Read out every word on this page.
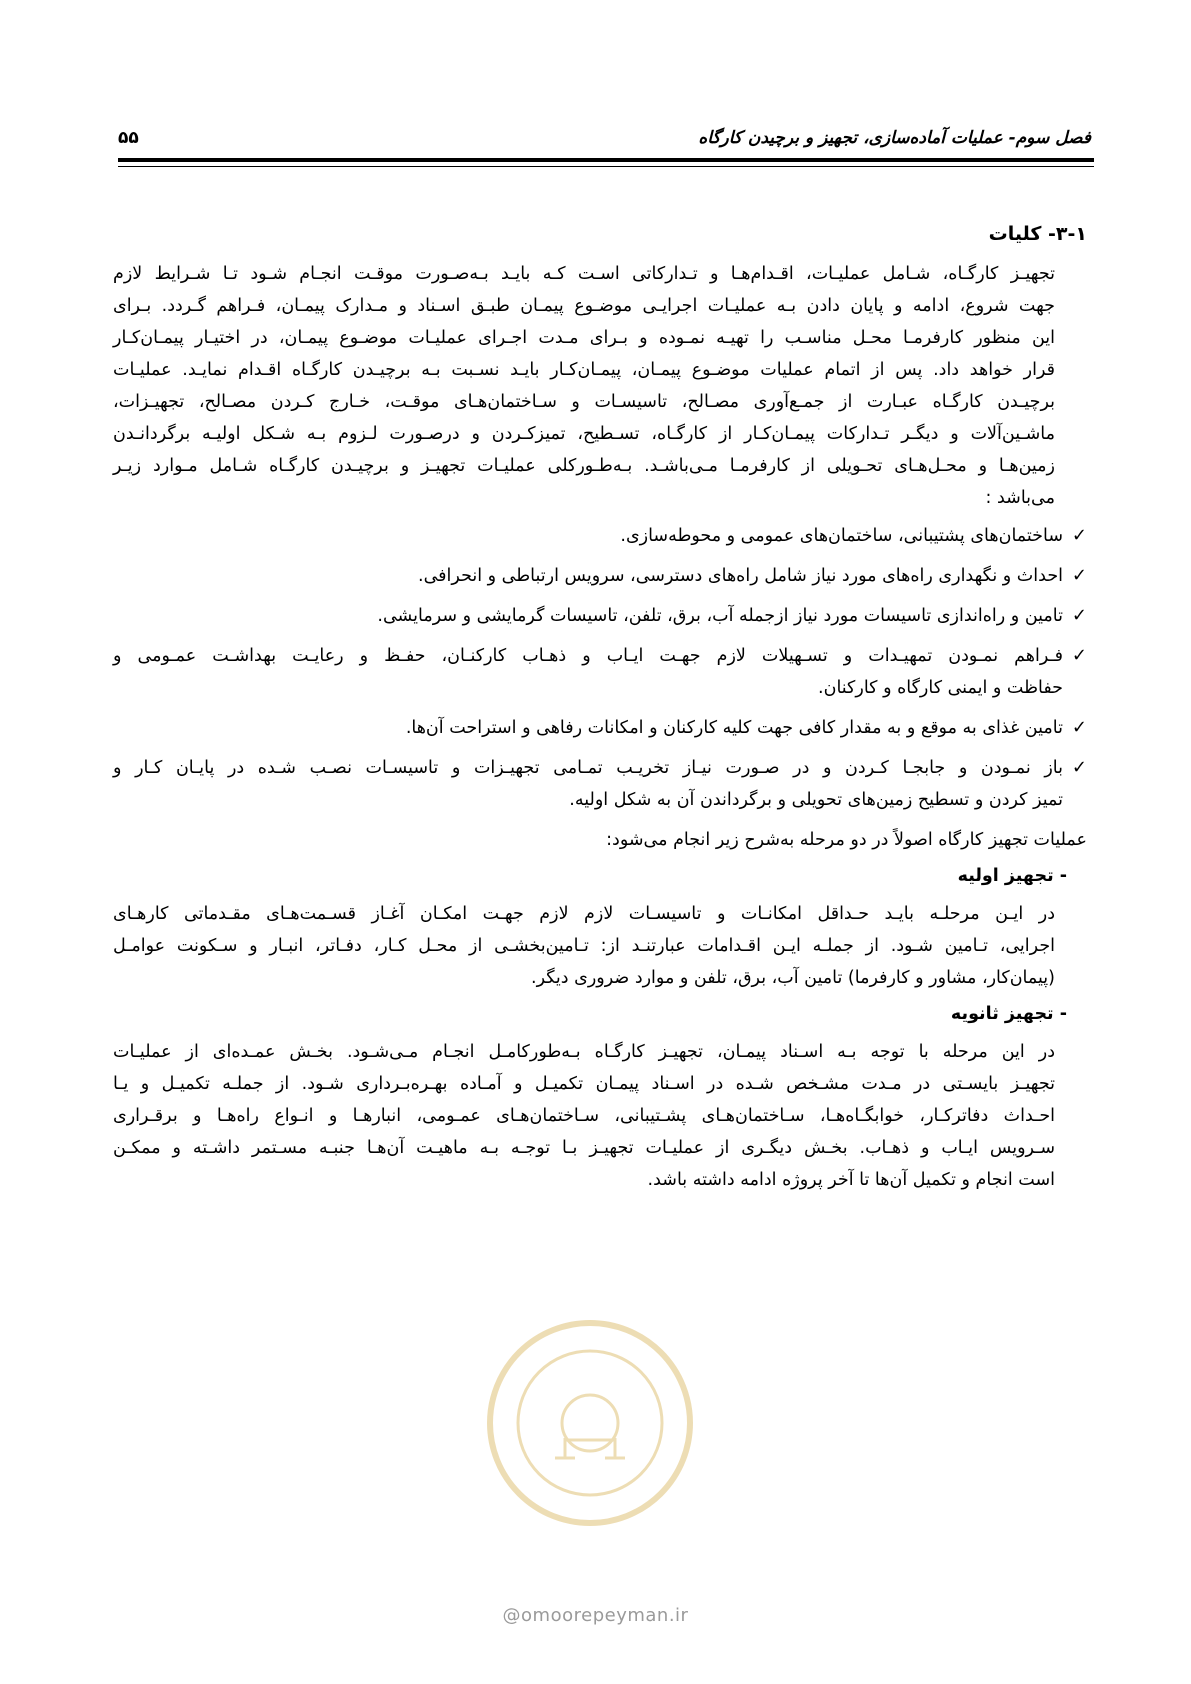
فصل سوم- عملیات آماده‌سازی، تجهیز و برچیدن کارگاه
۵۵
۳-۱- کلیات

تجهیـز کارگـاه، شـامل عملیـات، اقـدام‌هـا و تـدارکاتی اسـت کـه بایـد بـه‌صـورت موقـت انجـام شـود تـا شـرایط لازم
جهت شروع، ادامه و پایان دادن بـه عملیـات اجرایـی موضـوع پیمـان طبـق اسـناد و مـدارک پیمـان، فـراهم گـردد. بـرای
این منظور کارفرمـا محـل مناسـب را تهیـه نمـوده و بـرای مـدت اجـرای عملیـات موضـوع پیمـان، در اختیـار پیمـان‌کـار
قرار خواهد داد. پس از اتمام عملیات موضـوع پیمـان، پیمـان‌کـار بایـد نسـبت بـه برچیـدن کارگـاه اقـدام نمایـد. عملیـات
برچیـدن کارگـاه عبـارت از جمـع‌آوری مصـالح، تاسیسـات و سـاختمان‌هـای موقـت، خـارج کـردن مصـالح، تجهیـزات،
ماشـین‌آلات و دیگـر تـدارکات پیمـان‌کـار از کارگـاه، تسـطیح، تمیزکـردن و درصـورت لـزوم بـه شـکل اولیـه برگردانـدن
زمین‌هـا و محـل‌هـای تحـویلی از کارفرمـا مـی‌باشـد. بـه‌طـورکلی عملیـات تجهیـز و برچیـدن کارگـاه شـامل مـوارد زیـر
می‌باشد :

✓
ساختمان‌های پشتیبانی، ساختمان‌های عمومی و محوطه‌سازی.
✓
احداث و نگهداری راه‌های مورد نیاز شامل راه‌های دسترسی، سرویس ارتباطی و انحرافی.
✓
تامین و راه‌اندازی تاسیسات مورد نیاز ازجمله آب، برق، تلفن، تاسیسات گرمایشی و سرمایشی.
✓
فـراهم نمـودن تمهیـدات و تسـهیلات لازم جهـت ایـاب و ذهـاب کارکنـان، حفـظ و رعایـت بهداشـت عمـومی و
حفاظت و ایمنی کارگاه و کارکنان.
✓
تامین غذای به موقع و به مقدار کافی جهت کلیه کارکنان و امکانات رفاهی و استراحت آن‌ها.
✓
باز نمـودن و جابجـا کـردن و در صـورت نیـاز تخریـب تمـامی تجهیـزات و تاسیسـات نصـب شـده در پایـان کـار و
تمیز کردن و تسطیح زمین‌های تحویلی و برگرداندن آن به شکل اولیه.

عملیات تجهیز کارگاه اصولاً در دو مرحله به‌شرح زیر انجام می‌شود:

- تجهیز اولیه

در ایـن مرحلـه بایـد حـداقل امکانـات و تاسیسـات لازم لازم جهـت امکـان آغـاز قسـمت‌هـای مقـدماتی کارهـای
اجرایی، تـامین شـود. از جملـه ایـن اقـدامات عبارتنـد از: تـامین‌بخشـی از محـل کـار، دفـاتر، انبـار و سـکونت عوامـل
(پیمان‌کار، مشاور و کارفرما) تامین آب، برق، تلفن و موارد ضروری دیگر.

- تجهیز ثانویه

در این مرحله با توجه بـه اسـناد پیمـان، تجهیـز کارگـاه بـه‌طورکامـل انجـام مـی‌شـود. بخـش عمـده‌ای از عملیـات
تجهیـز بایسـتی در مـدت مشـخص شـده در اسـناد پیمـان تکمیـل و آمـاده بهـره‌بـرداری شـود. از جملـه تکمیـل و یـا
احـداث دفاترکـار، خوابگـاه‌هـا، سـاختمان‌هـای پشـتیبانی، سـاختمان‌هـای عمـومی، انبارهـا و انـواع راه‌هـا و برقـراری
سـرویس ایـاب و ذهـاب. بخـش دیگـری از عملیـات تجهیـز بـا توجـه بـه ماهیـت آن‌هـا جنبـه مسـتمر داشـته و ممکـن
است انجام و تکمیل آن‌ها تا آخر پروژه ادامه داشته باشد.

@omoorepeyman.ir
